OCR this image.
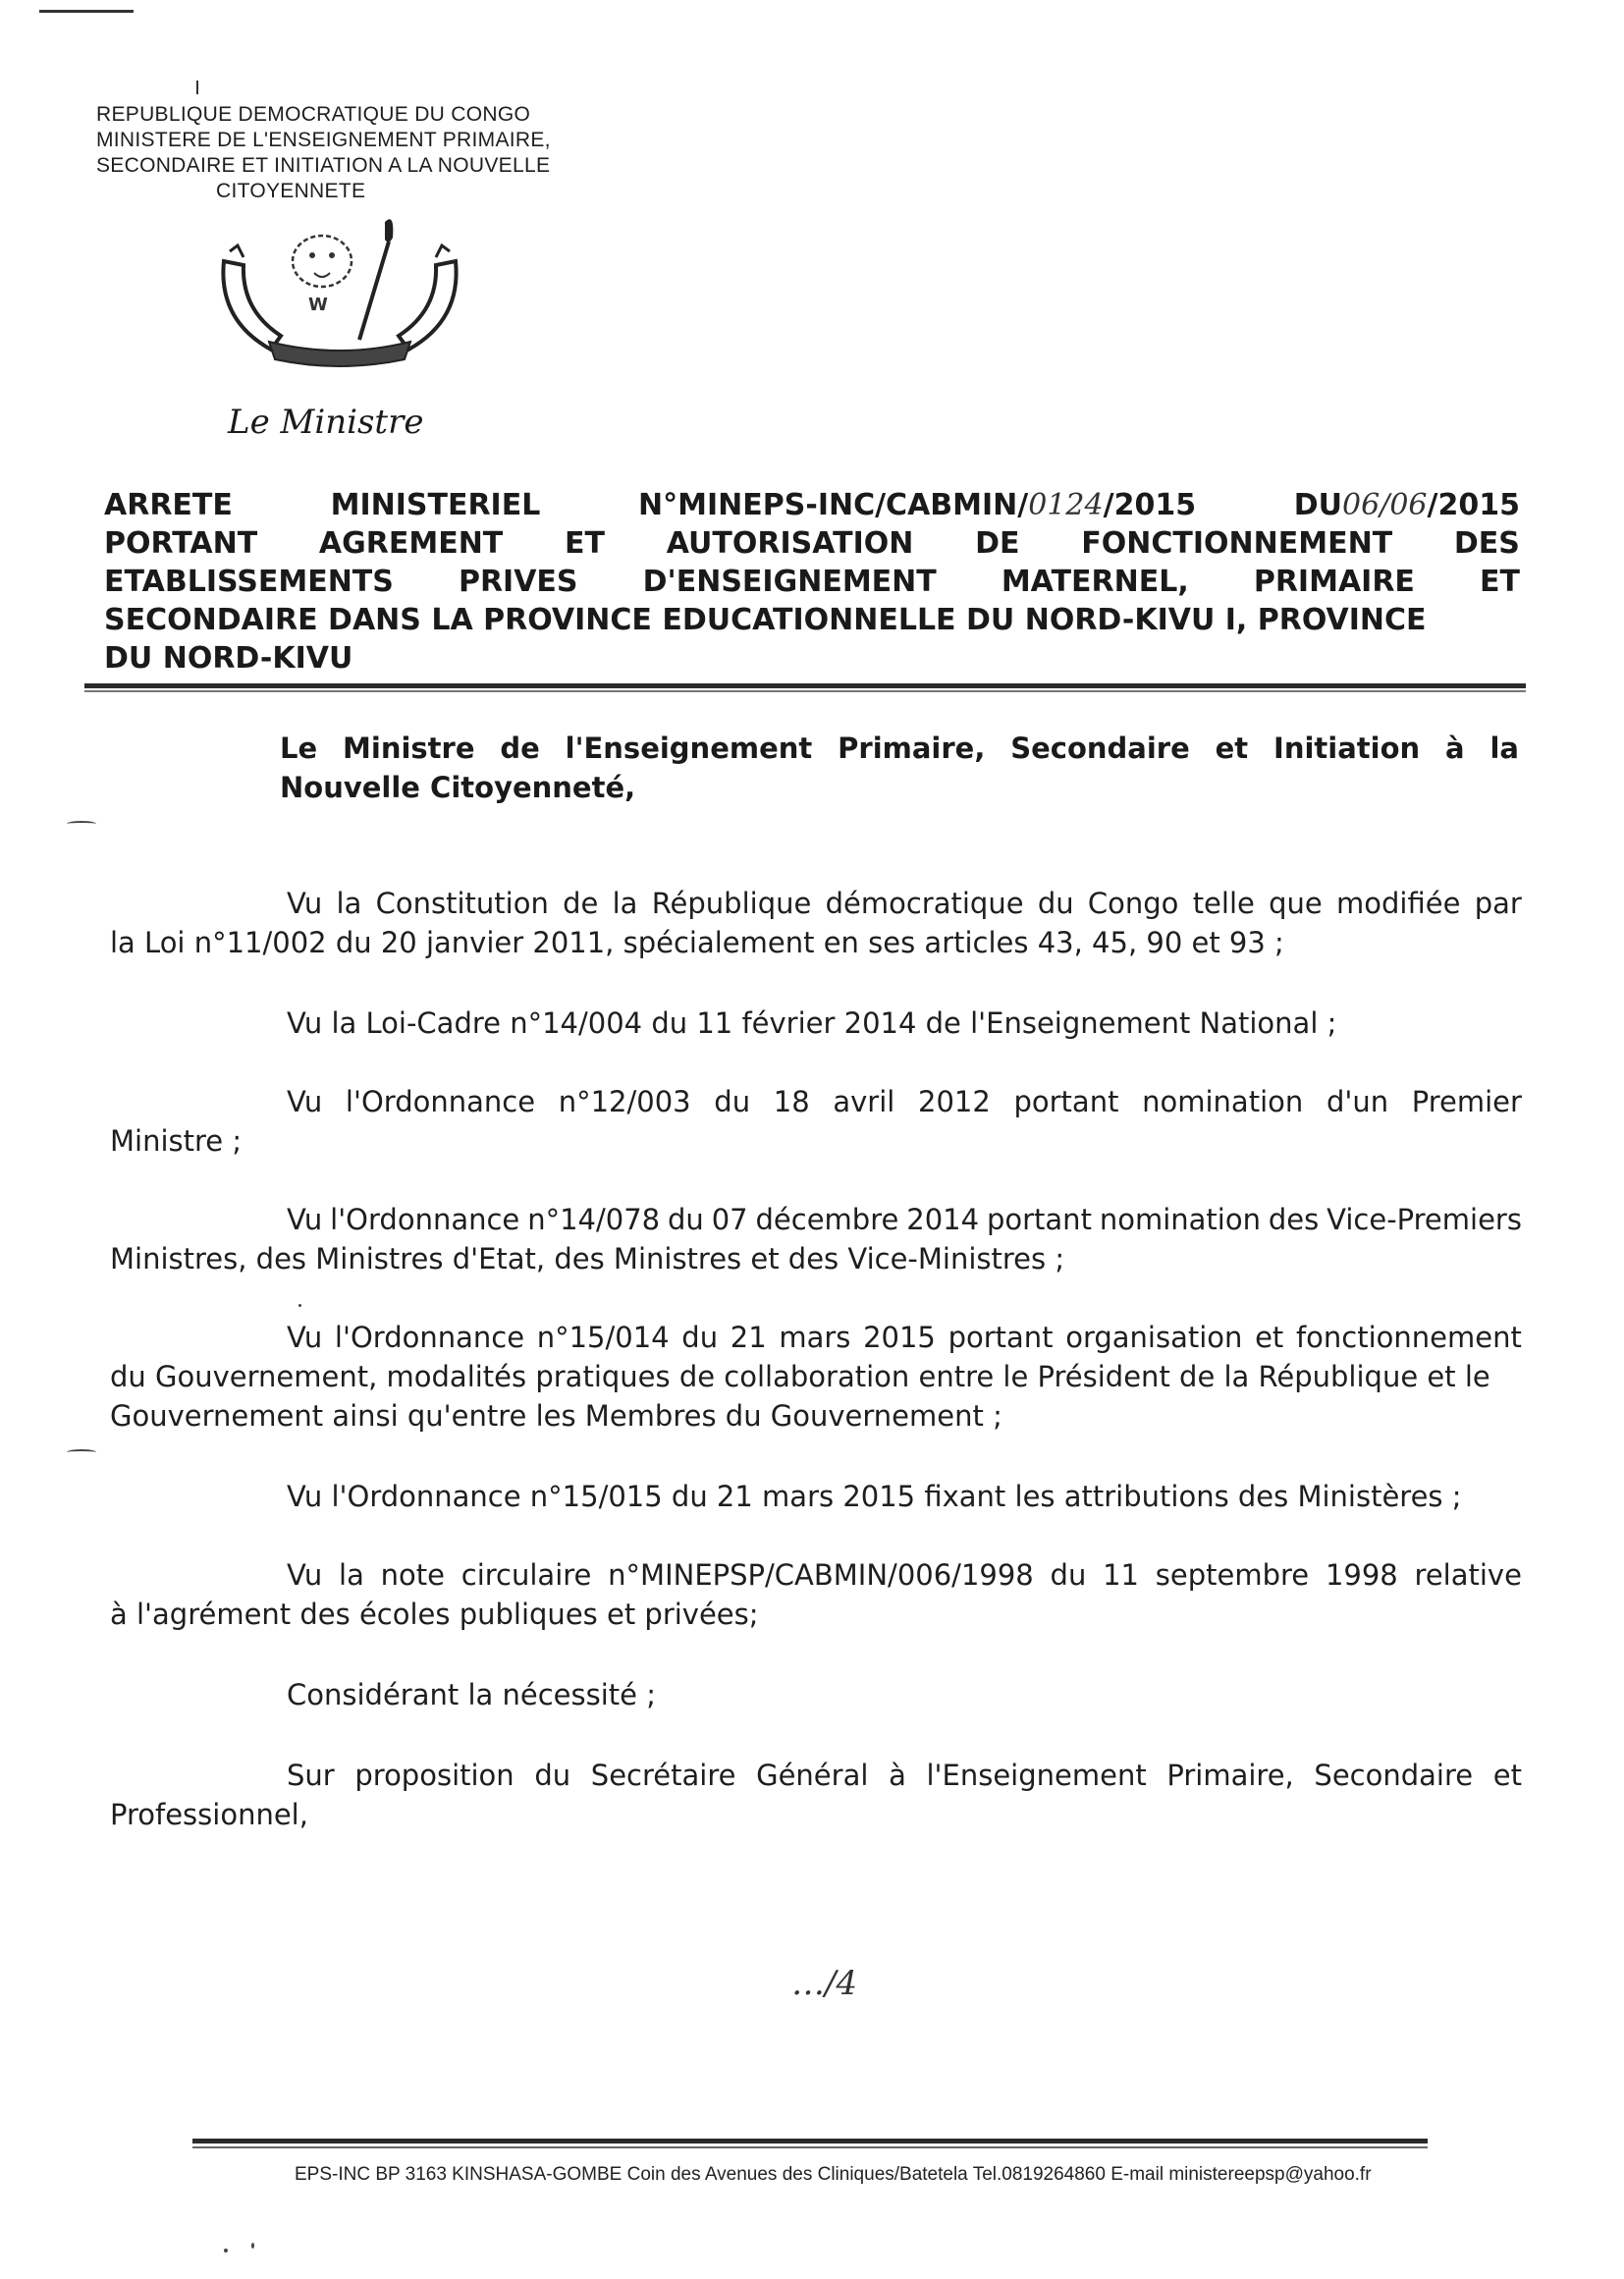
REPUBLIQUE DEMOCRATIQUE DU CONGO
MINISTERE DE L'ENSEIGNEMENT PRIMAIRE,
SECONDAIRE ET INITIATION A LA NOUVELLE
CITOYENNETE
W
Le Ministre
ARRETE	MINISTERIEL	N°MINEPS-INC/CABMIN/0124/2015	DU06/06/2015
PORTANT AGREMENT ET AUTORISATION DE FONCTIONNEMENT DES
ETABLISSEMENTS PRIVES D'ENSEIGNEMENT MATERNEL, PRIMAIRE ET
SECONDAIRE DANS LA PROVINCE EDUCATIONNELLE DU NORD-KIVU I, PROVINCE
DU NORD-KIVU
Le Ministre de l'Enseignement Primaire, Secondaire et Initiation à la
Nouvelle Citoyenneté,
Vu la Constitution de la République démocratique du Congo telle que modifiée par
la Loi n°11/002 du 20 janvier 2011, spécialement en ses articles 43, 45, 90 et 93 ;
Vu la Loi-Cadre n°14/004 du 11 février 2014 de l'Enseignement National ;
Vu l'Ordonnance n°12/003 du 18 avril 2012 portant nomination d'un Premier
Ministre ;
Vu l'Ordonnance n°14/078 du 07 décembre 2014 portant nomination des Vice-Premiers
Ministres, des Ministres d'Etat, des Ministres et des Vice-Ministres ;
Vu l'Ordonnance n°15/014 du 21 mars 2015 portant organisation et fonctionnement
du Gouvernement, modalités pratiques de collaboration entre le Président de la République et le
Gouvernement ainsi qu'entre les Membres du Gouvernement ;
Vu l'Ordonnance n°15/015 du 21 mars 2015 fixant les attributions des Ministères ;
Vu la note circulaire n°MINEPSP/CABMIN/006/1998 du 11 septembre 1998 relative
à l'agrément des écoles publiques et privées;
Considérant la nécessité ;
Sur proposition du Secrétaire Général à l'Enseignement Primaire, Secondaire et
Professionnel,
…/4
EPS-INC BP 3163 KINSHASA-GOMBE Coin des Avenues des Cliniques/Batetela Tel.0819264860 E-mail ministereepsp@yahoo.fr
